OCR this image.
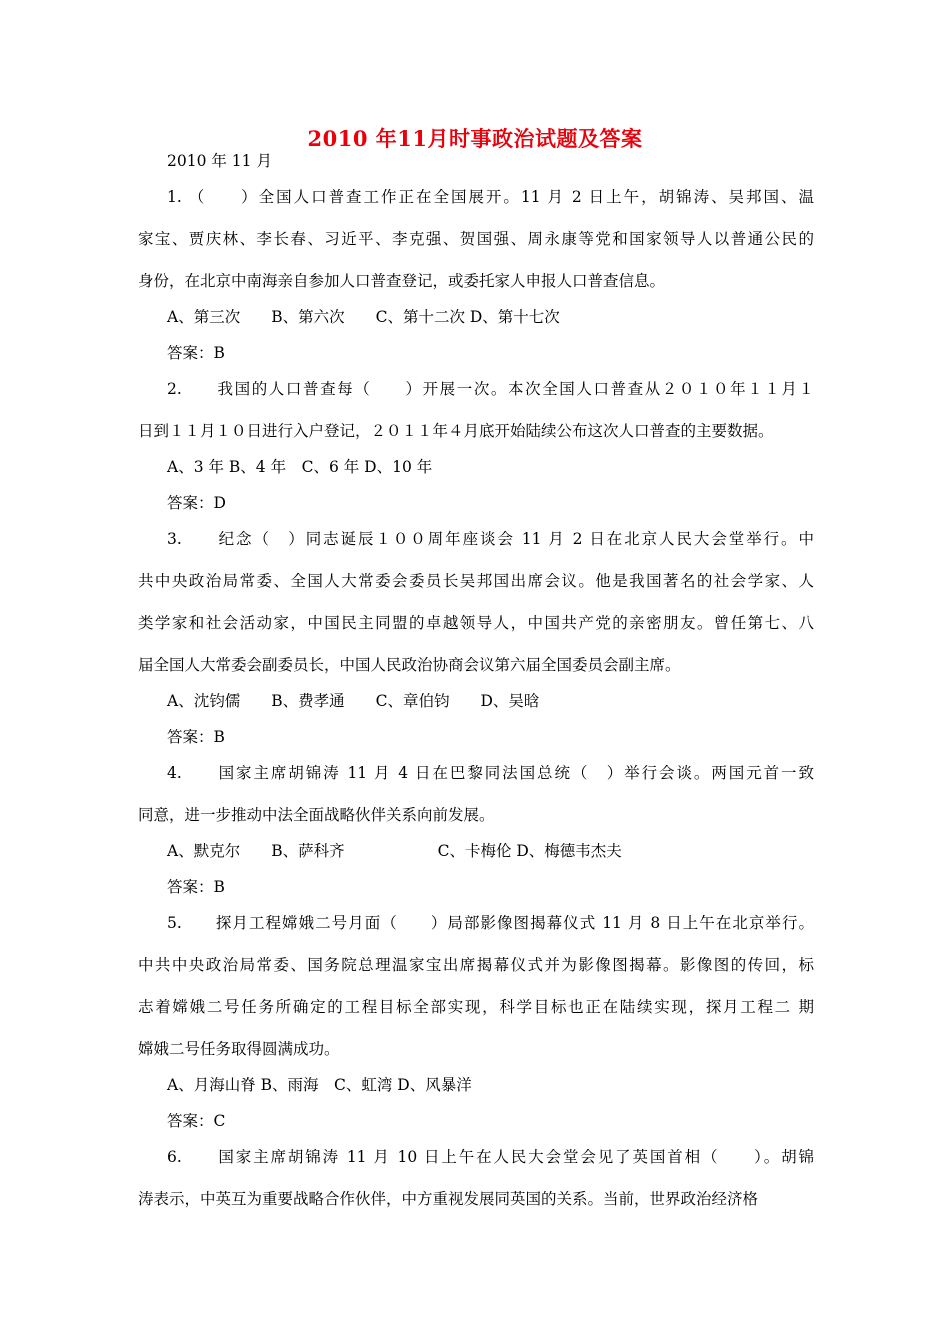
2010 年11月时事政治试题及答案
2010 年 11 月
1. （　　）全国人口普查工作正在全国展开。11 月 2 日上午，胡锦涛、吴邦国、温
家宝、贾庆林、李长春、习近平、李克强、贺国强、周永康等党和国家领导人以普通公民的
身份，在北京中南海亲自参加人口普查登记，或委托家人申报人口普查信息。
A、第三次　　B、第六次　　C、第十二次 D、第十七次
答案：B
2.　　我国的人口普查每（　　）开展一次。本次全国人口普查从２０１０年１１月１
日到１１月１０日进行入户登记，２０１１年４月底开始陆续公布这次人口普查的主要数据。
A、3 年 B、4 年　C、6 年 D、10 年
答案：D
3.　　纪念（　）同志诞辰１００周年座谈会 11 月 2 日在北京人民大会堂举行。中
共中央政治局常委、全国人大常委会委员长吴邦国出席会议。他是我国著名的社会学家、人
类学家和社会活动家，中国民主同盟的卓越领导人，中国共产党的亲密朋友。曾任第七、八
届全国人大常委会副委员长，中国人民政治协商会议第六届全国委员会副主席。
A、沈钧儒　　B、费孝通　　C、章伯钧　　D、吴晗
答案：B
4.　　国家主席胡锦涛 11 月 4 日在巴黎同法国总统（　）举行会谈。两国元首一致
同意，进一步推动中法全面战略伙伴关系向前发展。
A、默克尔　　B、萨科齐　　　　　　C、卡梅伦 D、梅德韦杰夫
答案：B
5.　　探月工程嫦娥二号月面（　　）局部影像图揭幕仪式 11 月 8 日上午在北京举行。
中共中央政治局常委、国务院总理温家宝出席揭幕仪式并为影像图揭幕。影像图的传回，标
志着嫦娥二号任务所确定的工程目标全部实现，科学目标也正在陆续实现，探月工程二 期
嫦娥二号任务取得圆满成功。
A、月海山脊 B、雨海　C、虹湾 D、风暴洋
答案：C
6.　　国家主席胡锦涛 11 月 10 日上午在人民大会堂会见了英国首相（　　）。胡锦
涛表示，中英互为重要战略合作伙伴，中方重视发展同英国的关系。当前，世界政治经济格
